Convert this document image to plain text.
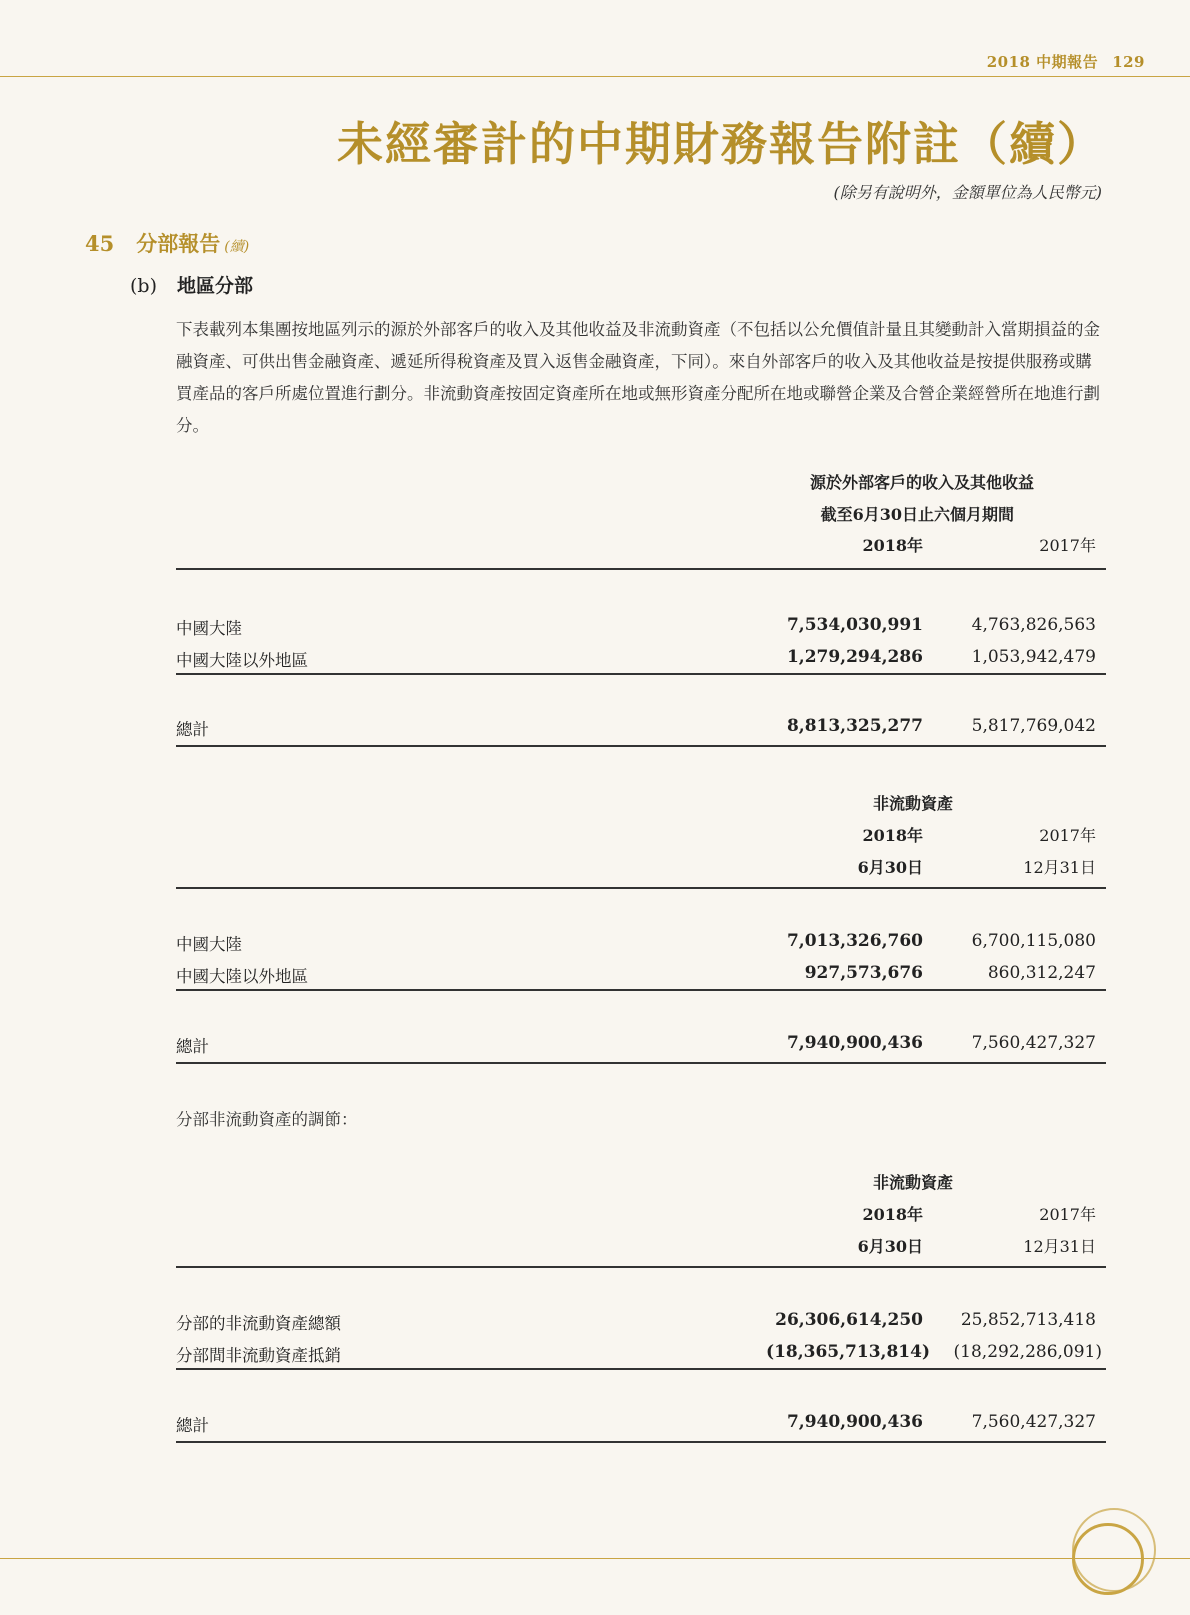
2018 中期報告 129
未經審計的中期財務報告附註（續）
(除另有說明外，金額單位為人民幣元)
45 分部報告 (續)
(b) 地區分部
下表載列本集團按地區列示的源於外部客戶的收入及其他收益及非流動資產（不包括以公允價值計量且其變動計入當期損益的金融資產、可供出售金融資產、遞延所得稅資產及買入返售金融資產，下同）。來自外部客戶的收入及其他收益是按提供服務或購買產品的客戶所處位置進行劃分。非流動資產按固定資產所在地或無形資產分配所在地或聯營企業及合營企業經營所在地進行劃分。
源於外部客戶的收入及其他收益
截至6月30日止六個月期間
2018年	2017年
中國大陸	7,534,030,991	4,763,826,563
中國大陸以外地區	1,279,294,286	1,053,942,479
總計	8,813,325,277	5,817,769,042
非流動資產
2018年	2017年
6月30日	12月31日
中國大陸	7,013,326,760	6,700,115,080
中國大陸以外地區	927,573,676	860,312,247
總計	7,940,900,436	7,560,427,327
分部非流動資產的調節：
非流動資產
2018年	2017年
6月30日	12月31日
分部的非流動資產總額	26,306,614,250 25,852,713,418
分部間非流動資產抵銷	(18,365,713,814) (18,292,286,091)
總計	7,940,900,436	7,560,427,327
